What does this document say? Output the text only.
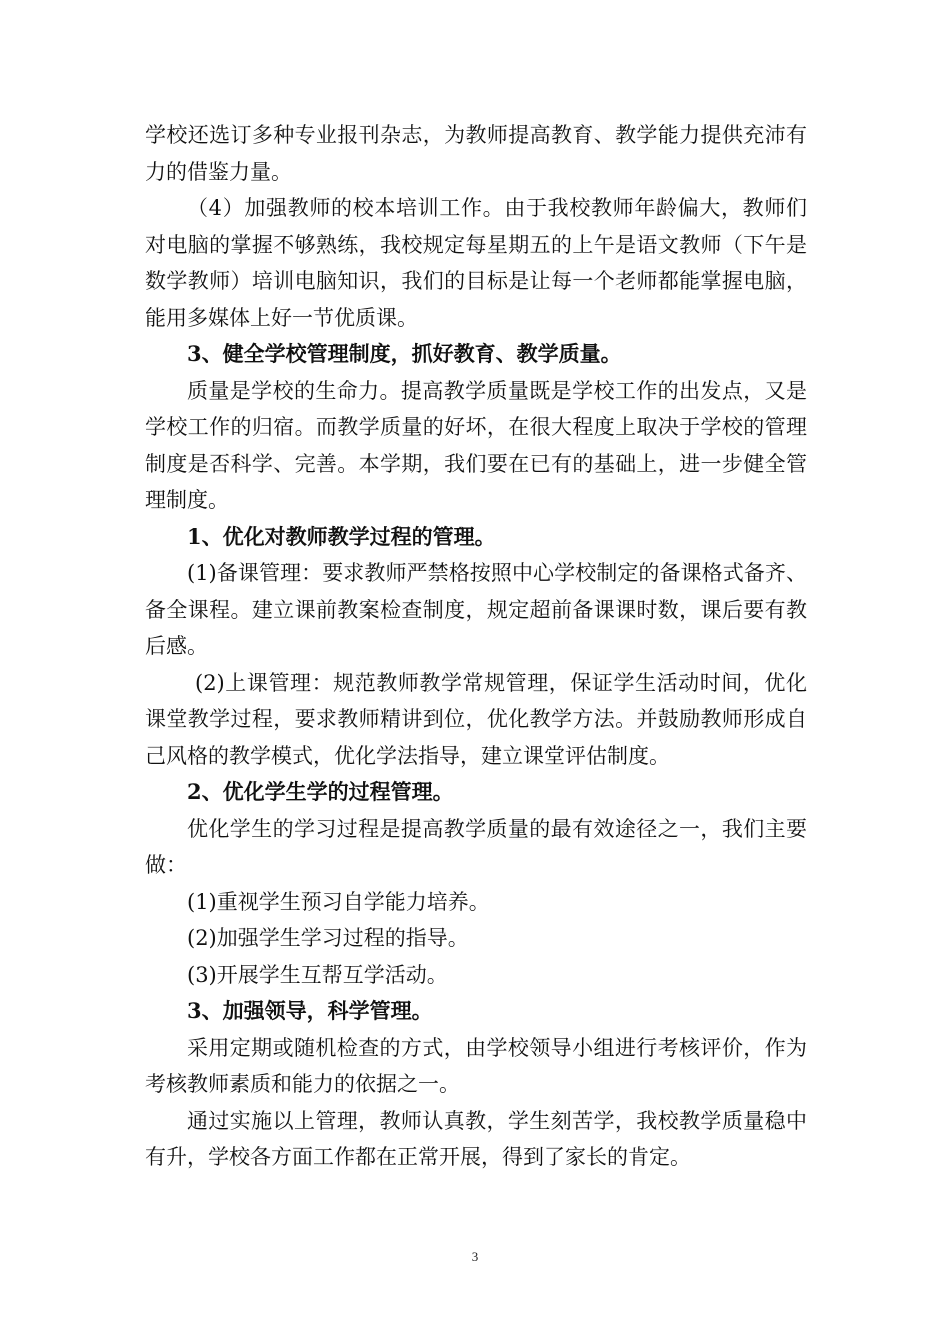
学校还选订多种专业报刊杂志，为教师提高教育、教学能力提供充沛有力的借鉴力量。

（4）加强教师的校本培训工作。由于我校教师年龄偏大，教师们对电脑的掌握不够熟练，我校规定每星期五的上午是语文教师（下午是数学教师）培训电脑知识，我们的目标是让每一个老师都能掌握电脑，能用多媒体上好一节优质课。

3、健全学校管理制度，抓好教育、教学质量。

质量是学校的生命力。提高教学质量既是学校工作的出发点，又是学校工作的归宿。而教学质量的好坏，在很大程度上取决于学校的管理制度是否科学、完善。本学期，我们要在已有的基础上，进一步健全管理制度。

1、优化对教师教学过程的管理。

(1)备课管理：要求教师严禁格按照中心学校制定的备课格式备齐、备全课程。建立课前教案检查制度，规定超前备课课时数，课后要有教后感。

(2)上课管理：规范教师教学常规管理，保证学生活动时间，优化课堂教学过程，要求教师精讲到位，优化教学方法。并鼓励教师形成自己风格的教学模式，优化学法指导，建立课堂评估制度。

2、优化学生学的过程管理。

优化学生的学习过程是提高教学质量的最有效途径之一，我们主要做：

(1)重视学生预习自学能力培养。

(2)加强学生学习过程的指导。

(3)开展学生互帮互学活动。

3、加强领导，科学管理。

采用定期或随机检查的方式，由学校领导小组进行考核评价，作为考核教师素质和能力的依据之一。

通过实施以上管理，教师认真教，学生刻苦学，我校教学质量稳中有升，学校各方面工作都在正常开展，得到了家长的肯定。

3
